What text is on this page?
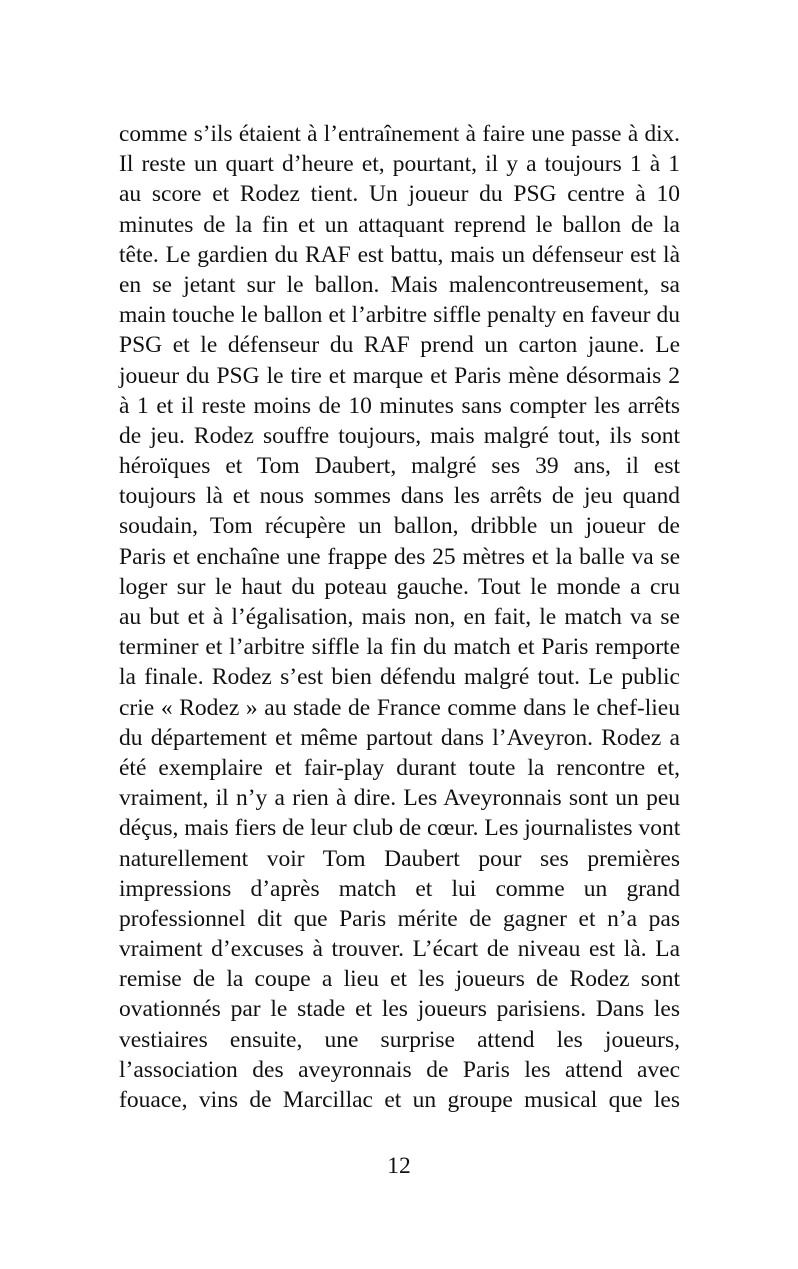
comme s’ils étaient à l’entraînement à faire une passe à dix.
Il reste un quart d’heure et, pourtant, il y a toujours 1 à 1
au score et Rodez tient. Un joueur du PSG centre à 10
minutes de la fin et un attaquant reprend le ballon de la
tête. Le gardien du RAF est battu, mais un défenseur est là
en se jetant sur le ballon. Mais malencontreusement, sa
main touche le ballon et l’arbitre siffle penalty en faveur du
PSG et le défenseur du RAF prend un carton jaune. Le
joueur du PSG le tire et marque et Paris mène désormais 2
à 1 et il reste moins de 10 minutes sans compter les arrêts
de jeu. Rodez souffre toujours, mais malgré tout, ils sont
héroïques et Tom Daubert, malgré ses 39 ans, il est
toujours là et nous sommes dans les arrêts de jeu quand
soudain, Tom récupère un ballon, dribble un joueur de
Paris et enchaîne une frappe des 25 mètres et la balle va se
loger sur le haut du poteau gauche. Tout le monde a cru
au but et à l’égalisation, mais non, en fait, le match va se
terminer et l’arbitre siffle la fin du match et Paris remporte
la finale. Rodez s’est bien défendu malgré tout. Le public
crie « Rodez » au stade de France comme dans le chef-lieu
du département et même partout dans l’Aveyron. Rodez a
été exemplaire et fair-play durant toute la rencontre et,
vraiment, il n’y a rien à dire. Les Aveyronnais sont un peu
déçus, mais fiers de leur club de cœur. Les journalistes vont
naturellement voir Tom Daubert pour ses premières
impressions d’après match et lui comme un grand
professionnel dit que Paris mérite de gagner et n’a pas
vraiment d’excuses à trouver. L’écart de niveau est là. La
remise de la coupe a lieu et les joueurs de Rodez sont
ovationnés par le stade et les joueurs parisiens. Dans les
vestiaires ensuite, une surprise attend les joueurs,
l’association des aveyronnais de Paris les attend avec
fouace, vins de Marcillac et un groupe musical que les
12
